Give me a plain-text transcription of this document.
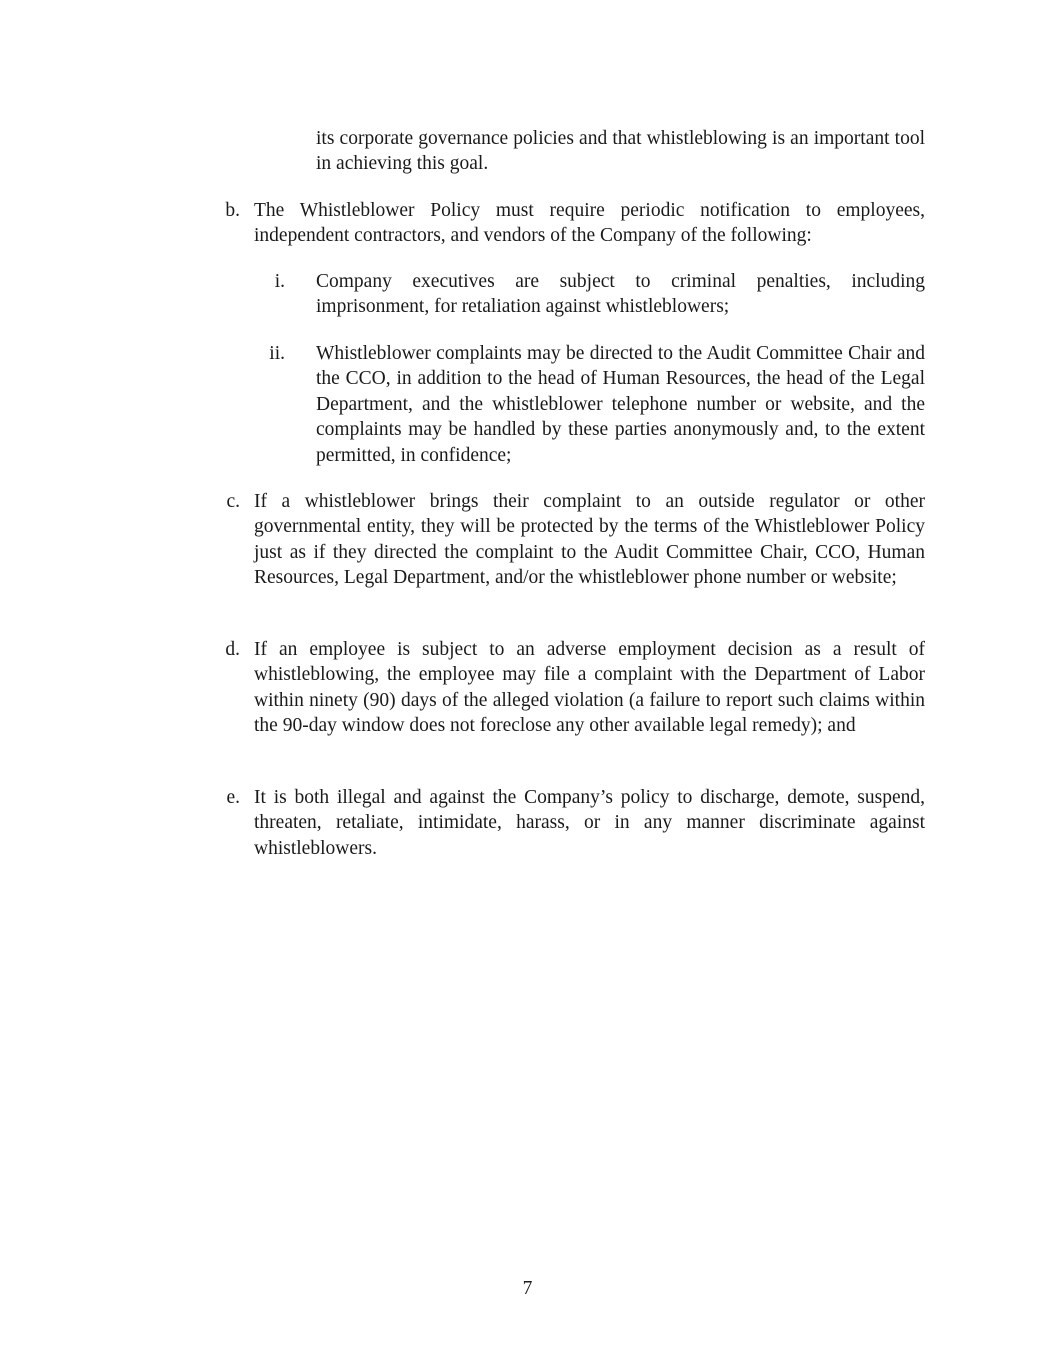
its corporate governance policies and that whistleblowing is an important tool in achieving this goal.
b. The Whistleblower Policy must require periodic notification to employees, independent contractors, and vendors of the Company of the following:
i. Company executives are subject to criminal penalties, including imprisonment, for retaliation against whistleblowers;
ii. Whistleblower complaints may be directed to the Audit Committee Chair and the CCO, in addition to the head of Human Resources, the head of the Legal Department, and the whistleblower telephone number or website, and the complaints may be handled by these parties anonymously and, to the extent permitted, in confidence;
c. If a whistleblower brings their complaint to an outside regulator or other governmental entity, they will be protected by the terms of the Whistleblower Policy just as if they directed the complaint to the Audit Committee Chair, CCO, Human Resources, Legal Department, and/or the whistleblower phone number or website;
d. If an employee is subject to an adverse employment decision as a result of whistleblowing, the employee may file a complaint with the Department of Labor within ninety (90) days of the alleged violation (a failure to report such claims within the 90-day window does not foreclose any other available legal remedy); and
e. It is both illegal and against the Company’s policy to discharge, demote, suspend, threaten, retaliate, intimidate, harass, or in any manner discriminate against whistleblowers.
7
